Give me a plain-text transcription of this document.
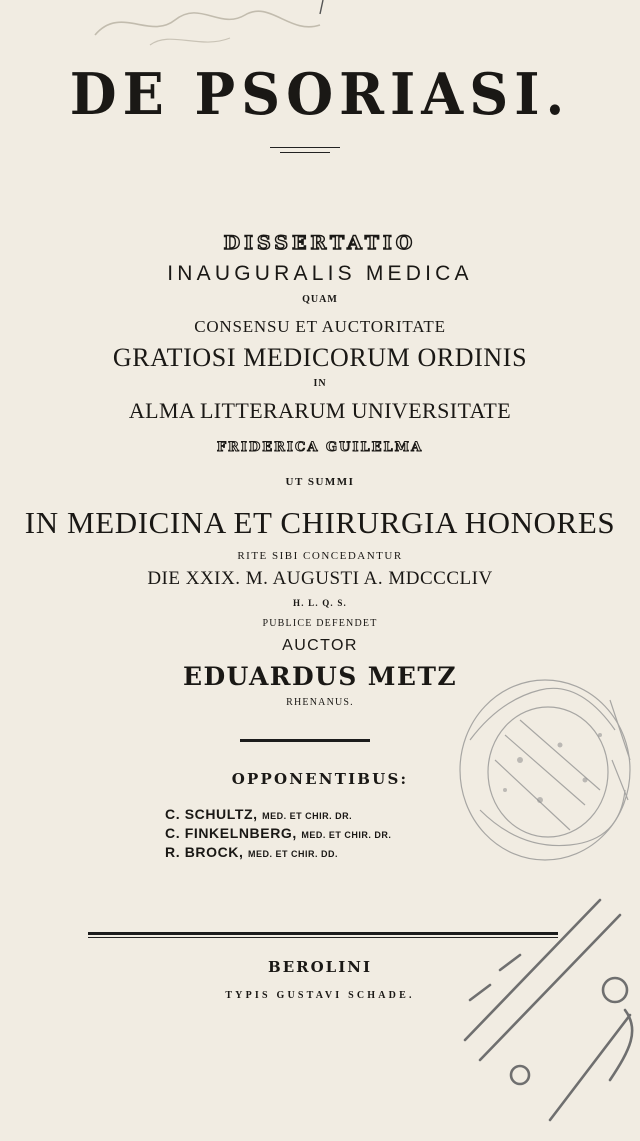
DE PSORIASI.
DISSERTATIO
INAUGURALIS MEDICA
QUAM
CONSENSU ET AUCTORITATE
GRATIOSI MEDICORUM ORDINIS
IN
ALMA LITTERARUM UNIVERSITATE
FRIDERICA GUILELMA
UT SUMMI
IN MEDICINA ET CHIRURGIA HONORES
RITE SIBI CONCEDANTUR
DIE XXIX. M. AUGUSTI A. MDCCCLIV
H. L. Q. S.
PUBLICE DEFENDET
AUCTOR
EDUARDUS METZ
RHENANUS.
OPPONENTIBUS:
C. SCHULTZ, MED. ET CHIR. DR.
C. FINKELNBERG, MED. ET CHIR. DR.
R. BROCK, MED. ET CHIR. DD.
BEROLINI
TYPIS GUSTAVI SCHADE.
